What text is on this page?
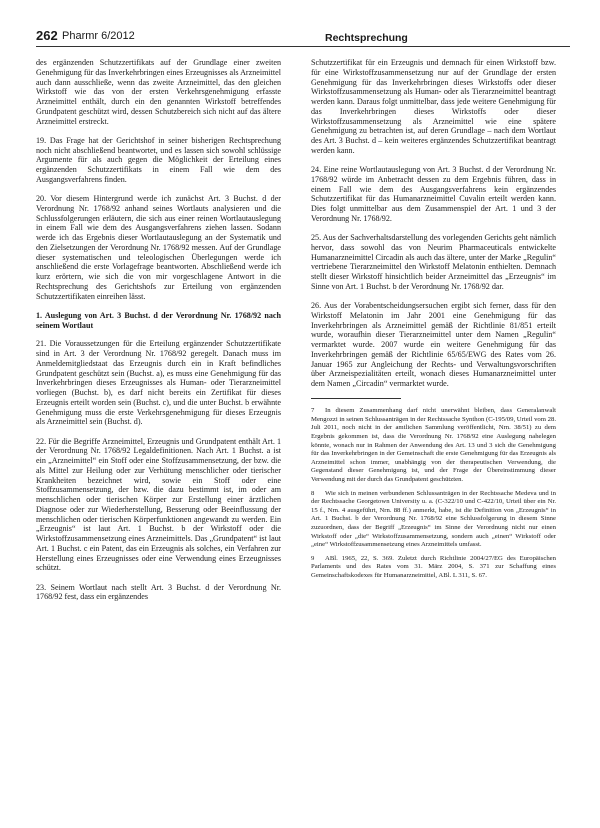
262 Pharmr 6/2012	Rechtsprechung

des ergänzenden Schutzzertifikats auf der Grundlage einer zweiten Genehmigung für das Inverkehrbringen eines Erzeugnisses als Arzneimittel auch dann ausschließe, wenn das zweite Arzneimittel, das den gleichen Wirkstoff wie das von der ersten Verkehrsgenehmigung erfasste Arzneimittel enthält, durch ein den genannten Wirkstoff betreffendes Grundpatent geschützt wird, dessen Schutzbereich sich nicht auf das ältere Arzneimittel erstreckt.

19. Das Frage hat der Gerichtshof in seiner bisherigen Rechtsprechung noch nicht abschließend beantwortet, und es lassen sich sowohl schlüssige Argumente für als auch gegen die Möglichkeit der Erteilung eines ergänzenden Schutzzertifikats in einem Fall wie dem des Ausgangsverfahrens finden.

20. Vor diesem Hintergrund werde ich zunächst Art. 3 Buchst. d der Verordnung Nr. 1768/92 anhand seines Wortlauts analysieren und die Schlussfolgerungen erläutern, die sich aus einer reinen Wortlautauslegung in einem Fall wie dem des Ausgangsverfahrens ziehen lassen. Sodann werde ich das Ergebnis dieser Wortlautauslegung an der Systematik und den Zielsetzungen der Verordnung Nr. 1768/92 messen. Auf der Grundlage dieser systematischen und teleologischen Überlegungen werde ich anschließend die erste Vorlagefrage beantworten. Abschließend werde ich kurz erörtern, wie sich die von mir vorgeschlagene Antwort in die Rechtsprechung des Gerichtshofs zur Erteilung von ergänzenden Schutzzertifikaten einreihen lässt.

1. Auslegung von Art. 3 Buchst. d der Verordnung Nr. 1768/92 nach seinem Wortlaut

21. Die Voraussetzungen für die Erteilung ergänzender Schutzzertifikate sind in Art. 3 der Verordnung Nr. 1768/92 geregelt. Danach muss im Anmeldemitgliedstaat das Erzeugnis durch ein in Kraft befindliches Grundpatent geschützt sein (Buchst. a), es muss eine Genehmigung für das Inverkehrbringen dieses Erzeugnisses als Human- oder Tierarzneimittel vorliegen (Buchst. b), es darf nicht bereits ein Zertifikat für dieses Erzeugnis erteilt worden sein (Buchst. c), und die unter Buchst. b erwähnte Genehmigung muss die erste Verkehrsgenehmigung für dieses Erzeugnis als Arzneimittel sein (Buchst. d).

22. Für die Begriffe Arzneimittel, Erzeugnis und Grundpatent enthält Art. 1 der Verordnung Nr. 1768/92 Legaldefinitionen. Nach Art. 1 Buchst. a ist ein „Arzneimittel“ ein Stoff oder eine Stoffzusammensetzung, der bzw. die als Mittel zur Heilung oder zur Verhütung menschlicher oder tierischer Krankheiten bezeichnet wird, sowie ein Stoff oder eine Stoffzusammensetzung, der bzw. die dazu bestimmt ist, im oder am menschlichen oder tierischen Körper zur Erstellung einer ärztlichen Diagnose oder zur Wiederherstellung, Besserung oder Beeinflussung der menschlichen oder tierischen Körperfunktionen angewandt zu werden. Ein „Erzeugnis“ ist laut Art. 1 Buchst. b der Wirkstoff oder die Wirkstoffzusammensetzung eines Arzneimittels. Das „Grundpatent“ ist laut Art. 1 Buchst. c ein Patent, das ein Erzeugnis als solches, ein Verfahren zur Herstellung eines Erzeugnisses oder eine Verwendung eines Erzeugnisses schützt.

23. Seinem Wortlaut nach stellt Art. 3 Buchst. d der Verordnung Nr. 1768/92 fest, dass ein ergänzendes

Schutzzertifikat für ein Erzeugnis und demnach für einen Wirkstoff bzw. für eine Wirkstoffzusammensetzung nur auf der Grundlage der ersten Genehmigung für das Inverkehrbringen dieses Wirkstoffs oder dieser Wirkstoffzusammensetzung als Human- oder als Tierarzneimittel beantragt werden kann. Daraus folgt unmittelbar, dass jede weitere Genehmigung für das Inverkehrbringen dieses Wirkstoffs oder dieser Wirkstoffzusammensetzung als Arzneimittel wie eine spätere Genehmigung zu betrachten ist, auf deren Grundlage – nach dem Wortlaut des Art. 3 Buchst. d – kein weiteres ergänzendes Schutzzertifikat beantragt werden kann.

24. Eine reine Wortlautauslegung von Art. 3 Buchst. d der Verordnung Nr. 1768/92 würde im Anbetracht dessen zu dem Ergebnis führen, dass in einem Fall wie dem des Ausgangsverfahrens kein ergänzendes Schutzzertifikat für das Humanarzneimittel Cuvalin erteilt werden kann. Dies folgt unmittelbar aus dem Zusammenspiel der Art. 1 und 3 der Verordnung Nr. 1768/92.

25. Aus der Sachverhaltsdarstellung des vorlegenden Gerichts geht nämlich hervor, dass sowohl das von Neurim Pharmaceuticals entwickelte Humanarzneimittel Circadin als auch das ältere, unter der Marke „Regulin“ vertriebene Tierarzneimittel den Wirkstoff Melatonin enthielten. Demnach stellt dieser Wirkstoff hinsichtlich beider Arzneimittel das „Erzeugnis“ im Sinne von Art. 1 Buchst. b der Verordnung Nr. 1768/92 dar.

26. Aus der Vorabentscheidungsersuchen ergibt sich ferner, dass für den Wirkstoff Melatonin im Jahr 2001 eine Genehmigung für das Inverkehrbringen als Arzneimittel gemäß der Richtlinie 81/851 erteilt wurde, woraufhin dieser Tierarzneimittel unter dem Namen „Regulin“ vermarktet wurde. 2007 wurde ein weitere Genehmigung für das Inverkehrbringen gemäß der Richtlinie 65/65/EWG des Rates vom 26. Januar 1965 zur Angleichung der Rechts- und Verwaltungsvorschriften über Arzneispezialitäten erteilt, wonach dieses Humanarzneimittel unter dem Namen „Circadin“ vermarktet wurde.

7 In diesem Zusammenhang darf nicht unerwähnt bleiben, dass Generalanwalt Mengozzi in seinen Schlussanträgen in der Rechtssache Synthon (C-195/09, Urteil vom 28. Juli 2011, noch nicht in der amtlichen Sammlung veröffentlicht, Nrn. 38/51) zu dem Ergebnis gekommen ist, dass die Verordnung Nr. 1768/92 eine Auslegung nahelegen könnte, wonach nur in Rahmen der Anwendung des Art. 13 und 3 sich die Genehmigung für das Inverkehrbringen in der Gemeinschaft die erste Genehmigung für das Erzeugnis als Arzneimittel schon immer, unabhängig von der therapeutischen Verwendung, die Gegenstand dieser Genehmigung ist, und der Frage der Übereinstimmung dieser Verwendung mit der durch das Grundpatent geschützten.
8 Wie sich in meinen verbundenen Schlussanträgen in der Rechtssache Medeva und in der Rechtssache Georgetown University u. a. (C-322/10 und C-422/10, Urteil über ein Nr. 15 f., Nrn. 4 ausgeführt, Nrn. 88 ff.) anmerkt, habe, ist die Definition von „Erzeugnis“ in Art. 1 Buchst. b der Verordnung Nr. 1768/92 eine Schlussfolgerung in diesem Sinne zuzuordnen, dass der Begriff „Erzeugnis“ im Sinne der Verordnung nicht nur einen Wirkstoff oder „die“ Wirkstoffzusammensetzung, sondern auch „einen“ Wirkstoff oder „eine“ Wirkstoffzusammensetzung eines Arzneimittels umfasst.
9 ABl. 1965, 22, S. 369. Zuletzt durch Richtlinie 2004/27/EG des Europäischen Parlaments und des Rates vom 31. März 2004, S. 371 zur Schaffung eines Gemeinschaftskodexes für Humanarzneimittel, ABl. L 311, S. 67.
